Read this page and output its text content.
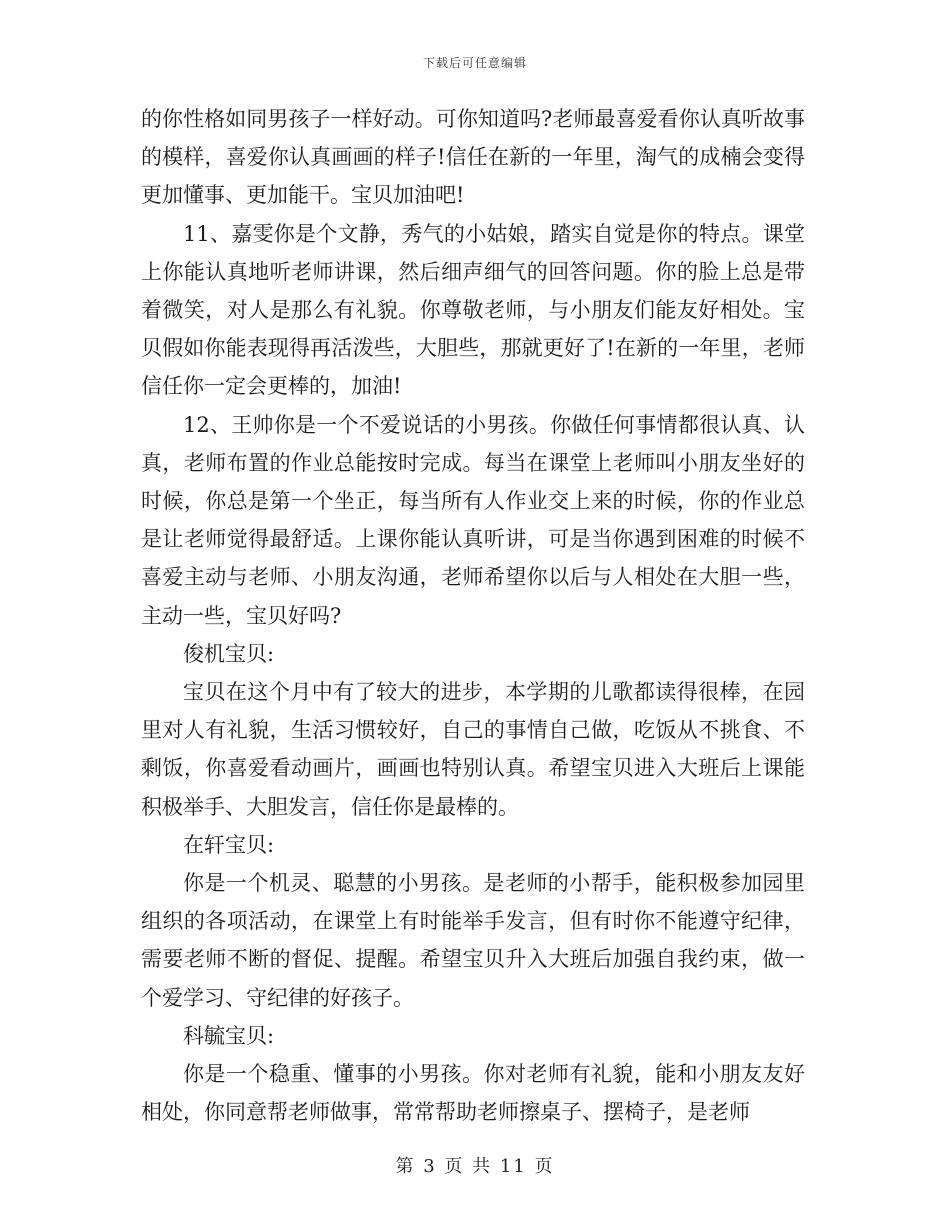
下载后可任意编辑

的你性格如同男孩子一样好动。可你知道吗?老师最喜爱看你认真听故事的模样，喜爱你认真画画的样子!信任在新的一年里，淘气的成楠会变得更加懂事、更加能干。宝贝加油吧!

11、嘉雯你是个文静，秀气的小姑娘，踏实自觉是你的特点。课堂上你能认真地听老师讲课，然后细声细气的回答问题。你的脸上总是带着微笑，对人是那么有礼貌。你尊敬老师，与小朋友们能友好相处。宝贝假如你能表现得再活泼些，大胆些，那就更好了!在新的一年里，老师信任你一定会更棒的，加油!

12、王帅你是一个不爱说话的小男孩。你做任何事情都很认真、认真，老师布置的作业总能按时完成。每当在课堂上老师叫小朋友坐好的时候，你总是第一个坐正，每当所有人作业交上来的时候，你的作业总是让老师觉得最舒适。上课你能认真听讲，可是当你遇到困难的时候不喜爱主动与老师、小朋友沟通，老师希望你以后与人相处在大胆一些，主动一些，宝贝好吗?

俊机宝贝:

宝贝在这个月中有了较大的进步，本学期的儿歌都读得很棒，在园里对人有礼貌，生活习惯较好，自己的事情自己做，吃饭从不挑食、不剩饭，你喜爱看动画片，画画也特别认真。希望宝贝进入大班后上课能积极举手、大胆发言，信任你是最棒的。

在轩宝贝:

你是一个机灵、聪慧的小男孩。是老师的小帮手，能积极参加园里组织的各项活动，在课堂上有时能举手发言，但有时你不能遵守纪律，需要老师不断的督促、提醒。希望宝贝升入大班后加强自我约束，做一个爱学习、守纪律的好孩子。

科毓宝贝:

你是一个稳重、懂事的小男孩。你对老师有礼貌，能和小朋友友好相处，你同意帮老师做事，常常帮助老师擦桌子、摆椅子，是老师

第 3 页 共 11 页
